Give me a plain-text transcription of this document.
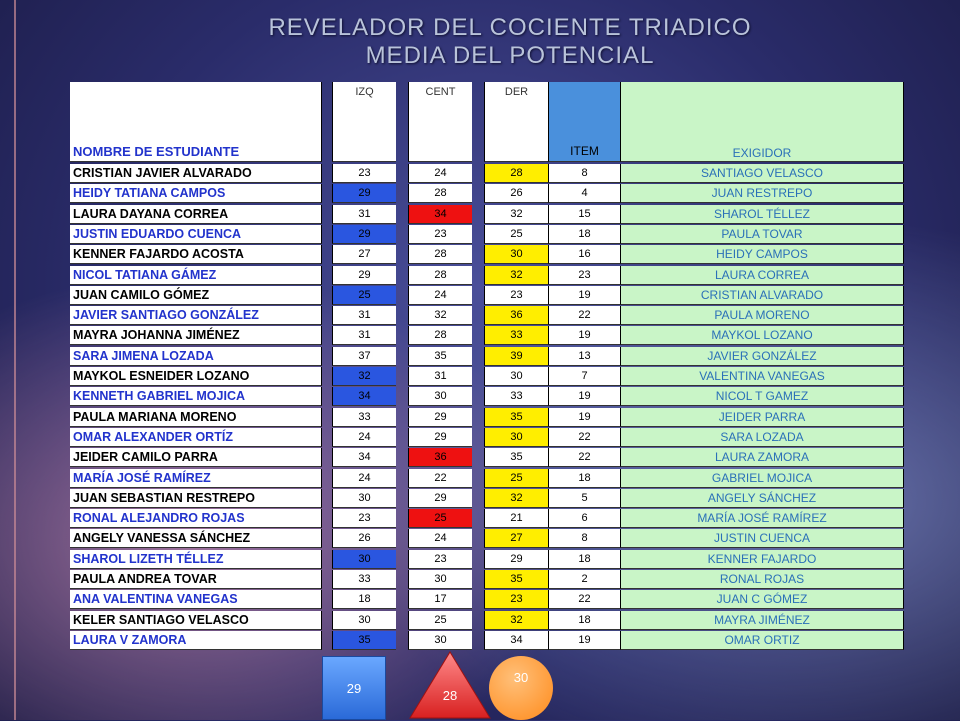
REVELADOR DEL COCIENTE TRIADICO
MEDIA DEL POTENCIAL
NOMBRE DE ESTUDIANTE
IZQ	CENT	DER
ITEM	EXIGIDOR
CRISTIAN JAVIER ALVARADO	23	24	28	8	SANTIAGO VELASCO
HEIDY TATIANA CAMPOS	29	28	26	4	JUAN RESTREPO
LAURA DAYANA CORREA	31	34	32	15	SHAROL TÉLLEZ
JUSTIN EDUARDO CUENCA	29	23	25	18	PAULA TOVAR
KENNER FAJARDO ACOSTA	27	28	30	16	HEIDY CAMPOS
NICOL TATIANA GÁMEZ	29	28	32	23	LAURA CORREA
JUAN CAMILO GÓMEZ	25	24	23	19	CRISTIAN ALVARADO
JAVIER SANTIAGO GONZÁLEZ	31	32	36	22	PAULA MORENO
MAYRA JOHANNA JIMÉNEZ	31	28	33	19	MAYKOL LOZANO
SARA JIMENA LOZADA	37	35	39	13	JAVIER GONZÁLEZ
MAYKOL ESNEIDER LOZANO	32	31	30	7	VALENTINA VANEGAS
KENNETH GABRIEL MOJICA	34	30	33	19	NICOL T GAMEZ
PAULA MARIANA MORENO	33	29	35	19	JEIDER PARRA
OMAR ALEXANDER ORTÍZ	24	29	30	22	SARA LOZADA
JEIDER CAMILO PARRA	34	36	35	22	LAURA ZAMORA
MARÍA JOSÉ RAMÍREZ	24	22	25	18	GABRIEL MOJICA
JUAN SEBASTIAN RESTREPO	30	29	32	5	ANGELY SÁNCHEZ
RONAL ALEJANDRO ROJAS	23	25	21	6	MARÍA JOSÉ RAMÍREZ
ANGELY VANESSA SÁNCHEZ	26	24	27	8	JUSTIN CUENCA
SHAROL LIZETH TÉLLEZ	30	23	29	18	KENNER FAJARDO
PAULA ANDREA TOVAR	33	30	35	2	RONAL ROJAS
ANA VALENTINA VANEGAS	18	17	23	22	JUAN C GÓMEZ
KELER SANTIAGO VELASCO	30	25	32	18	MAYRA JIMÉNEZ
LAURA V ZAMORA	35	30	34	19	OMAR ORTIZ
29	28
30
